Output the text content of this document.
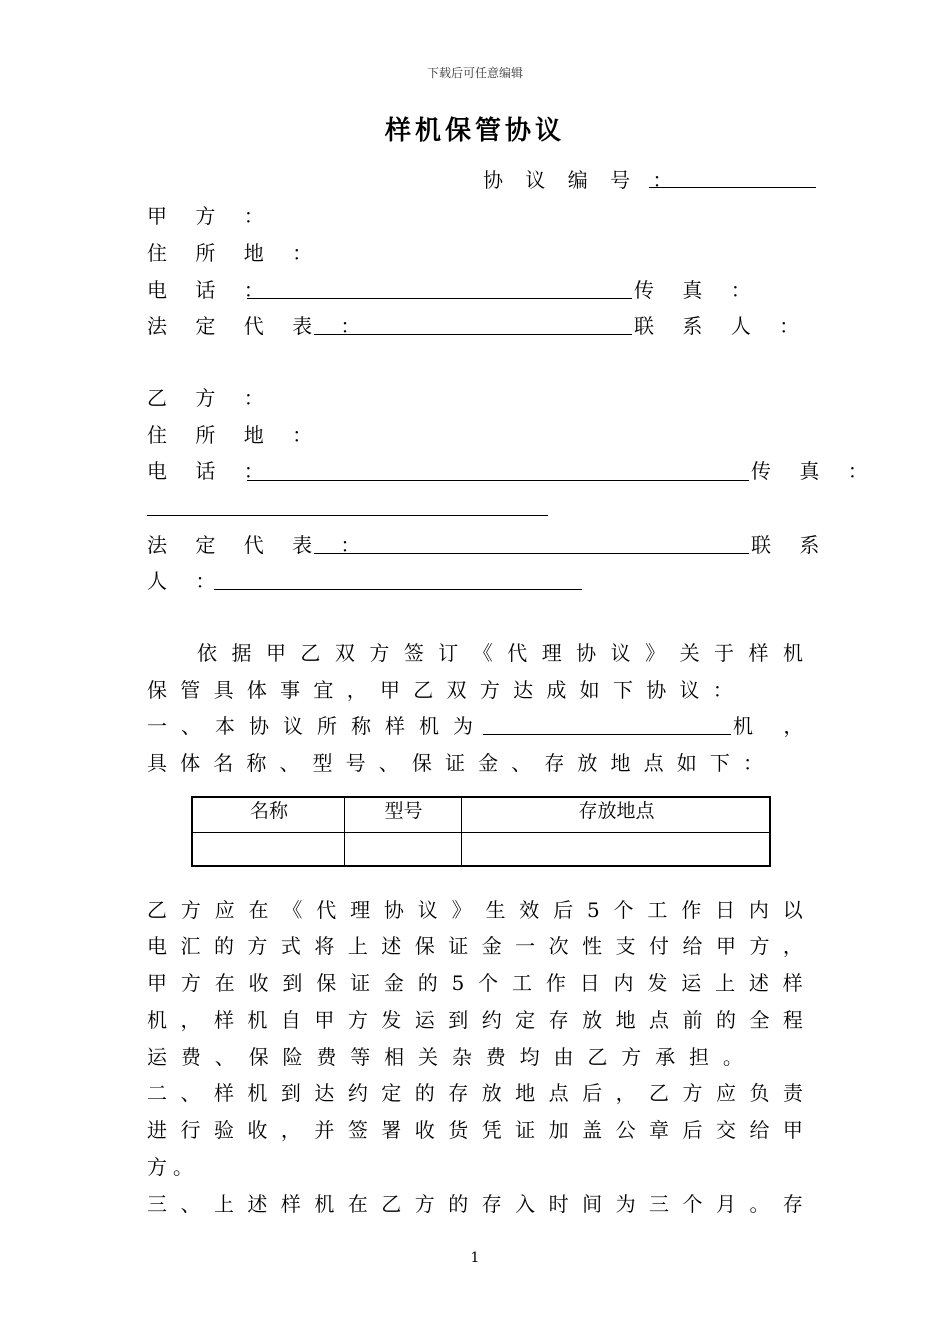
下载后可任意编辑
样机保管协议
协 议 编 号 ：
甲 方 ：
住 所 地 ：
电 话 ：	传 真 ：
法 定 代 表 ：	联 系 人 ：
乙 方 ：
住 所 地 ：
电 话 ：	传 真 ：
法 定 代 表 ：	联 系
人 ：
依 据 甲 乙 双 方 签 订 《 代 理 协 议 》 关 于 样 机
保 管 具 体 事 宜 ， 甲 乙 双 方 达 成 如 下 协 议 ：
一 、 本 协 议 所 称 样 机 为	机 ，
具 体 名 称 、 型 号 、 保 证 金 、 存 放 地 点 如 下 ：
名称	型号	存放地点
乙 方 应 在 《 代 理 协 议 》 生 效 后 5 个 工 作 日 内 以
电 汇 的 方 式 将 上 述 保 证 金 一 次 性 支 付 给 甲 方 ，
甲 方 在 收 到 保 证 金 的 5 个 工 作 日 内 发 运 上 述 样
机 ， 样 机 自 甲 方 发 运 到 约 定 存 放 地 点 前 的 全 程
运 费 、 保 险 费 等 相 关 杂 费 均 由 乙 方 承 担 。
二 、 样 机 到 达 约 定 的 存 放 地 点 后 ， 乙 方 应 负 责
进 行 验 收 ， 并 签 署 收 货 凭 证 加 盖 公 章 后 交 给 甲
方 。
三 、 上 述 样 机 在 乙 方 的 存 入 时 间 为 三 个 月 。 存
1
